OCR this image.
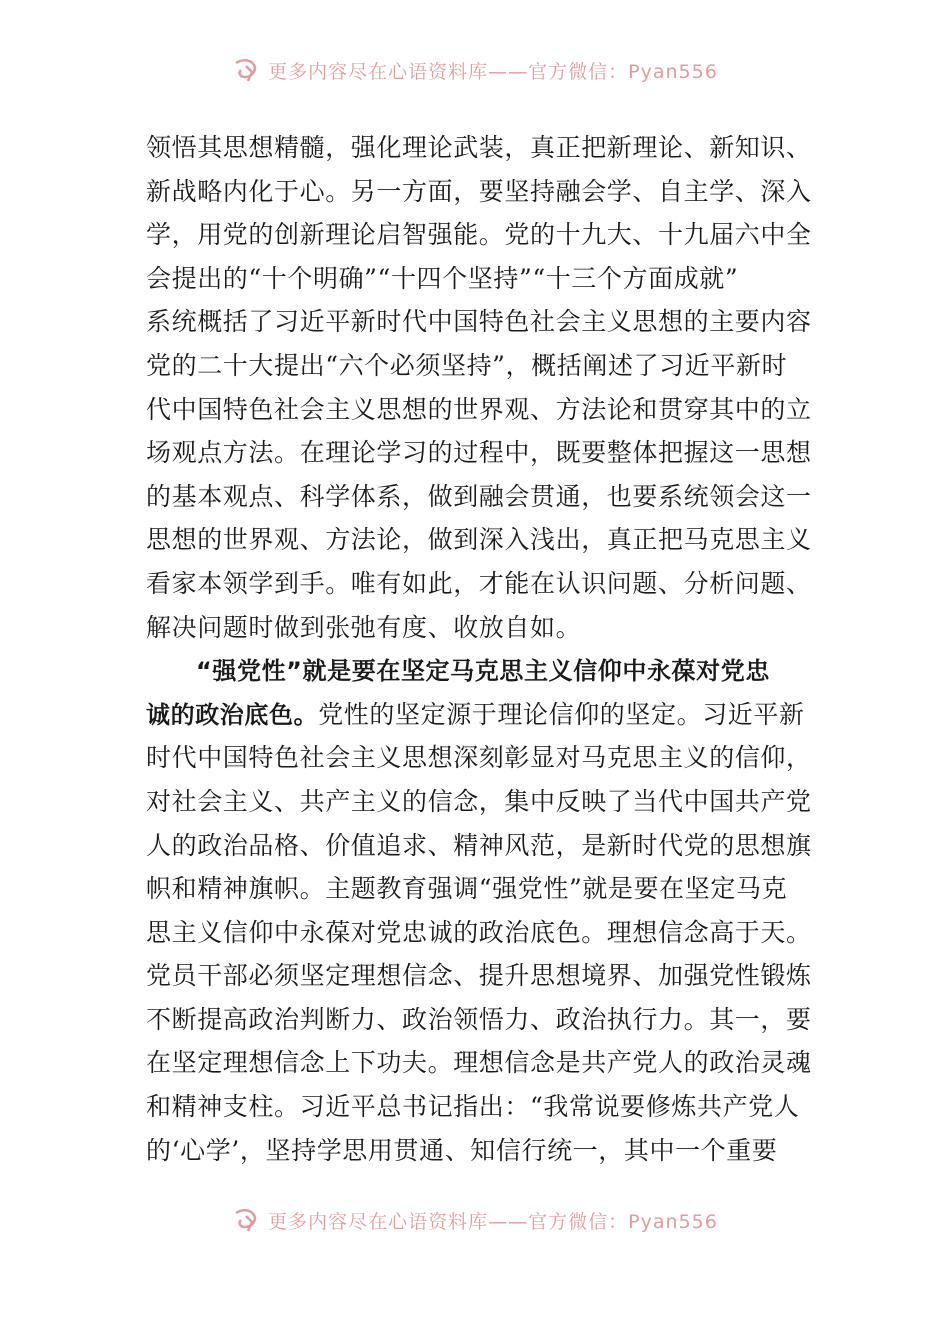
更多内容尽在心语资料库——官方微信：Pyan556
领悟其思想精髓，强化理论武装，真正把新理论、新知识、
新战略内化于心。另一方面，要坚持融会学、自主学、深入
学，用党的创新理论启智强能。党的十九大、十九届六中全
会提出的“十个明确”“十四个坚持”“十三个方面成就”
系统概括了习近平新时代中国特色社会主义思想的主要内容
党的二十大提出“六个必须坚持”，概括阐述了习近平新时
代中国特色社会主义思想的世界观、方法论和贯穿其中的立
场观点方法。在理论学习的过程中，既要整体把握这一思想
的基本观点、科学体系，做到融会贯通，也要系统领会这一
思想的世界观、方法论，做到深入浅出，真正把马克思主义
看家本领学到手。唯有如此，才能在认识问题、分析问题、
解决问题时做到张弛有度、收放自如。
“强党性”就是要在坚定马克思主义信仰中永葆对党忠
诚的政治底色。党性的坚定源于理论信仰的坚定。习近平新
时代中国特色社会主义思想深刻彰显对马克思主义的信仰，
对社会主义、共产主义的信念，集中反映了当代中国共产党
人的政治品格、价值追求、精神风范，是新时代党的思想旗
帜和精神旗帜。主题教育强调“强党性”就是要在坚定马克
思主义信仰中永葆对党忠诚的政治底色。理想信念高于天。
党员干部必须坚定理想信念、提升思想境界、加强党性锻炼
不断提高政治判断力、政治领悟力、政治执行力。其一，要
在坚定理想信念上下功夫。理想信念是共产党人的政治灵魂
和精神支柱。习近平总书记指出：“我常说要修炼共产党人
的‘心学’，坚持学思用贯通、知信行统一，其中一个重要
更多内容尽在心语资料库——官方微信：Pyan556
